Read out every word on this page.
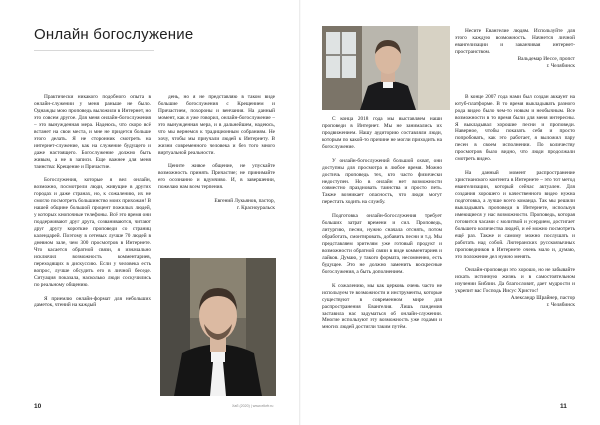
Онлайн богослужение

Практически никакого подобного опыта в онлайн-служении у меня раньше не было. Однажды мою проповедь выложили в Интернет, но это совсем другое. Для меня онлайн-богослужения – это вынужденная мера. Надеюсь, что скоро всё встанет на свои места, и мне не придется больше этого делать. Я не сторонник смотреть на интернет-служение, как на служение будущего и даже настоящего. Богослужение должно быть живым, а не в записи. Еще важнее для меня таинства: Крещение и Причастие.

Богослужения, которые я вел онлайн, возможно, посмотрели люди, живущие в других городах и даже странах, но, к сожалению, их не смогло посмотреть большинство моих прихожан! В нашей общине большой процент пожилых людей, у которых кнопочные телефоны. Всё это время они поддерживают друг друга, созваниваются, читают друг другу короткие проповеди со страниц календарей. Поэтому в сетевых лучше 70 людей в дневном зале, чем 300 просмотров в Интернете. Что касается обратной связи, я изначально исключил возможность комментариев, переходящих в дискуссию. Если у человека есть вопрос, лучше обсудить его в личной беседе. Ситуация показала, насколько люди соскучились по реальному общению.

Я приемлю онлайн-формат для небольших даметок, чтений на каждый

день, но я не представляю в таком виде большие богослужения с Крещением и Причастием, похороны и венчания. На данный момент, как я уже говорил, онлайн-богослужение – это вынужденная мера, и в дальнейшем, надеюсь, что мы вернемся к традиционным собраниям. Не хочу, чтобы мы приучали людей к Интернету. В жизни современного человека и без того много виртуальной реальности.

Цените живое общение, не упускайте возможность принять Причастие; не принимайте его осознанно и вдумчиво. И, в завершении, пожелаю нам всем терпения.

Евгений Лукьянов, пастор,

г. Красноуральск

С конца 2018 года мы выставляем наши проповеди в Интернет. Мы не занимались их продвижением. Нашу аудиторию составляли люди, которым по какой-то причине не могли приходить на богослужение.

У онлайн-богослужений большой охват, они доступны для просмотра в любое время. Можно достичь проповедь теx, кто часто физически недоступен. Но в онлайн нет возможности совместно праздновать таинства и просто петь. Также возникает опасность, что люди могут перестать ходить на службу.

Подготовка онлайн-богослужения требует больших затрат времени и сил. Проповедь, литургию, песни, нужно сначала отснять, потом обработать, смонтировать, добавить песни и т.д. Мы представляем зрителям уже готовый продукт и возможности обратной связи в виде комментариев и лайков. Думаю, у такого формата, несомненно, есть будущее. Это не должно заменить воскресные богослужения, а быть дополнением.

К сожалению, мы как церковь очень часто не используем те возможности и инструменты, которые существуют в современном мире для распространения Евангелия. Лишь пандемия заставила нас задуматься об онлайн-служении. Многие используют эту возможность уже годами и многих людей достигли таким путём.

Несите Евангелие людям. Используйте для этого каждую возможность. Начнется личной евангелизации и заканчивая интернет-пространством.

Вальдемар Иессе, пропст

г. Челябинск

В конце 2007 года нами был создан аккаунт на ютуб-платформе. В то время выкладывать разного рода видео было чем-то новым и необычным. Все возможности в то время были для меня интересны. Я выкладывал хорошие песни и проповеди. Наверное, чтобы показать себя и просто попробовать, как это работает, я выложил пару песен в своем исполнении. По количеству просмотров было видно, что люди продолжали смотреть видео.

На данный момент распространение христианского контента в Интернете – это тот метод евангелизации, который сейчас актуален. Для создания хорошего и качественного видео нужна подготовка, а лучше всего команда. Так мы решили выкладывать проповеди в Интернете, используя имеющиеся у нас возможности. Проповедь, которая готовится часами с молитвой и усердием, достигает большего количества людей, и её можно посмотреть ещё раз. Также и самому можно послушать и работать над собой. Лютеранских русскоязычных проповедников в Интернете очень мало и, думаю, это положение дел нужно менять.

Онлайн-проповеди это хорошо, но не забывайте искать истинную жизнь и в самостоятельном изучении Библии. Да благословит, дает мудрости и укрепит вас Господь Иисус Христос!

Александр Шрайнер, пастор

г. Челябинск

10	Хаб (2020) | www.elkrfr.ru	11
